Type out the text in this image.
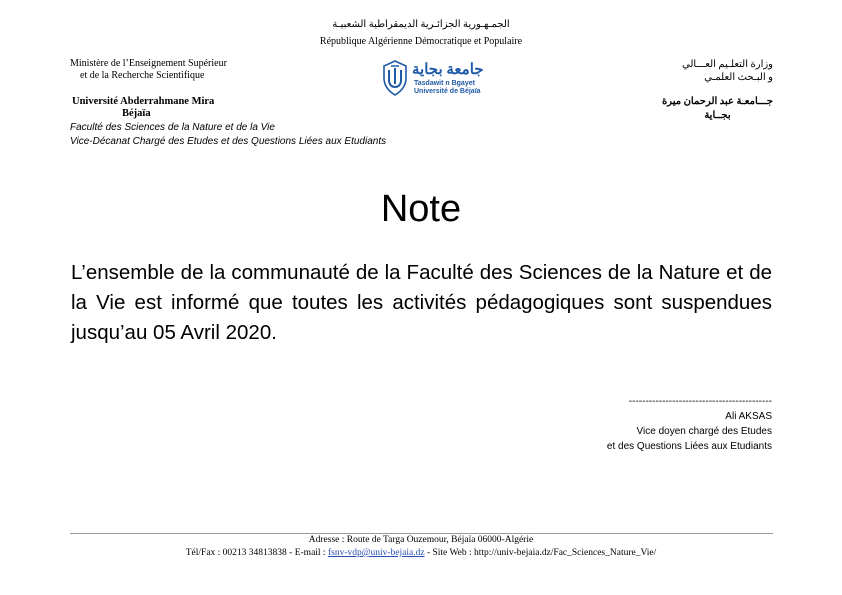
الجمـهـورية الجزائـرية الديمقراطية الشعبيـة
République Algérienne Démocratique et Populaire
Ministère de l’Enseignement Supérieur
et de la Recherche Scientifique
Université Abderrahmane Mira
Béjaïa
Faculté des Sciences de la Nature et de la Vie
Vice-Décanat Chargé des Etudes et des Questions Liées aux Etudiants
جامعة بجاية
Tasdawit n Bgayet
Université de Béjaïa
وزارة التعلـيم العـــالي
و البـحث العلمـي
جـــامعـة عبد الرحمان ميرة
بجــاية
Note
L’ensemble de la communauté de la Faculté des Sciences de la Nature et de la Vie est informé que toutes les activités pédagogiques sont suspendues jusqu’au 05 Avril 2020.
-------------------------------------------
Ali AKSAS
Vice doyen chargé des Etudes
et des Questions Liées aux Etudiants
Adresse : Route de Targa Ouzemour, Béjaïa 06000-Algérie
Tél/Fax : 00213 34813838 - E-mail : fsnv-vdp@univ-bejaia.dz - Site Web : http://univ-bejaia.dz/Fac_Sciences_Nature_Vie/
